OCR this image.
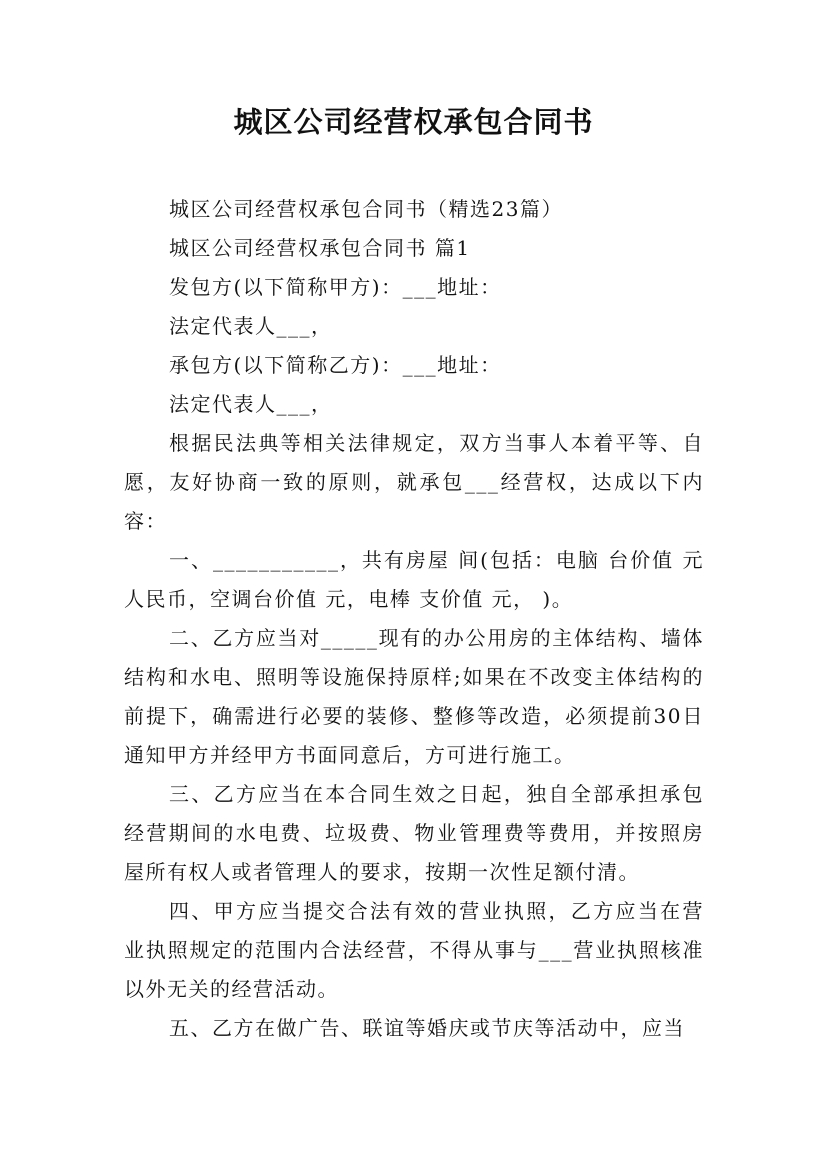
城区公司经营权承包合同书

城区公司经营权承包合同书（精选23篇）

城区公司经营权承包合同书 篇1

发包方(以下简称甲方)：___地址：

法定代表人___，

承包方(以下简称乙方)：___地址：

法定代表人___，

根据民法典等相关法律规定，双方当事人本着平等、自愿，友好协商一致的原则，就承包___经营权，达成以下内容：

一、___________，共有房屋 间(包括：电脑 台价值 元人民币，空调台价值 元，电棒 支价值 元， )。

二、乙方应当对_____现有的办公用房的主体结构、墙体结构和水电、照明等设施保持原样;如果在不改变主体结构的前提下，确需进行必要的装修、整修等改造，必须提前30日通知甲方并经甲方书面同意后，方可进行施工。

三、乙方应当在本合同生效之日起，独自全部承担承包经营期间的水电费、垃圾费、物业管理费等费用，并按照房屋所有权人或者管理人的要求，按期一次性足额付清。

四、甲方应当提交合法有效的营业执照，乙方应当在营业执照规定的范围内合法经营，不得从事与___营业执照核准以外无关的经营活动。

五、乙方在做广告、联谊等婚庆或节庆等活动中，应当
